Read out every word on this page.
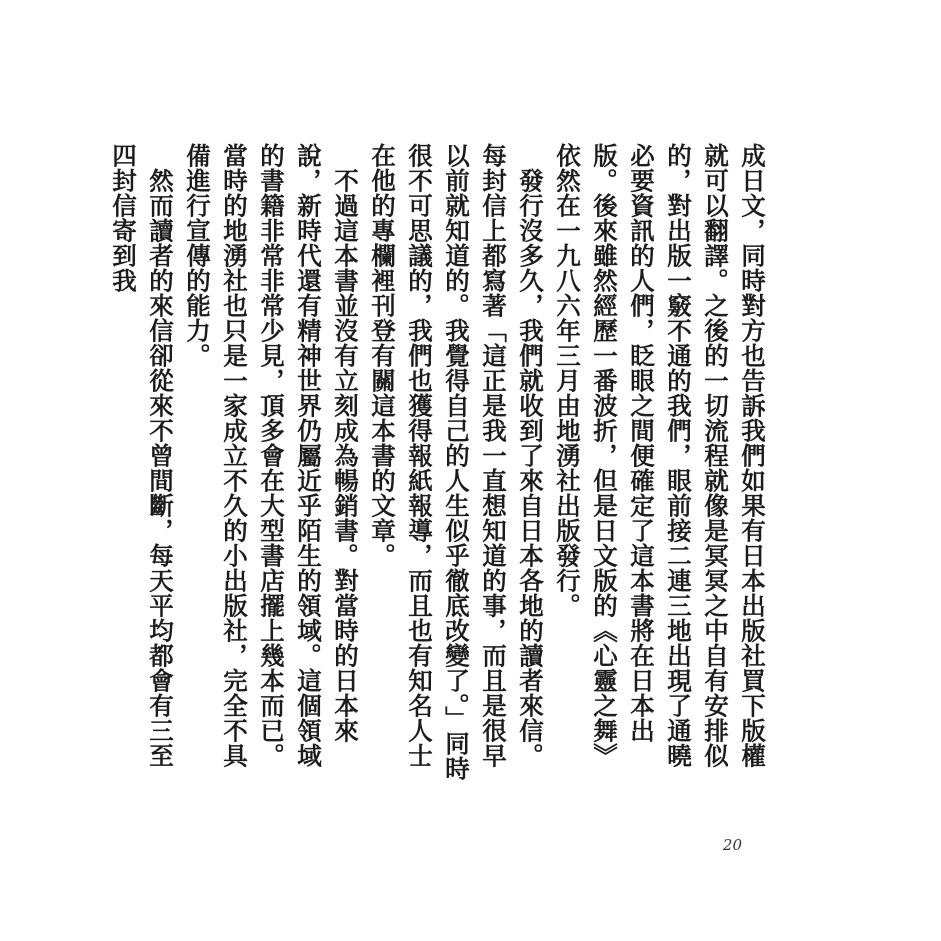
成日文，同時對方也告訴我們如果有日本出版社買下版權就可以翻譯。之後的一切流程就像是冥冥之中自有安排似的，對出版一竅不通的我們，眼前接二連三地出現了通曉必要資訊的人們，眨眼之間便確定了這本書將在日本出版。後來雖然經歷一番波折，但是日文版的《心靈之舞》依然在一九八六年三月由地湧社出版發行。

發行沒多久，我們就收到了來自日本各地的讀者來信。每封信上都寫著「這正是我一直想知道的事，而且是很早以前就知道的。我覺得自己的人生似乎徹底改變了。」同時很不可思議的，我們也獲得報紙報導，而且也有知名人士在他的專欄裡刊登有關這本書的文章。

不過這本書並沒有立刻成為暢銷書。對當時的日本來說，新時代還有精神世界仍屬近乎陌生的領域。這個領域的書籍非常非常少見，頂多會在大型書店擺上幾本而已。當時的地湧社也只是一家成立不久的小出版社，完全不具備進行宣傳的能力。

然而讀者的來信卻從來不曾間斷，每天平均都會有三至四封信寄到我

20
